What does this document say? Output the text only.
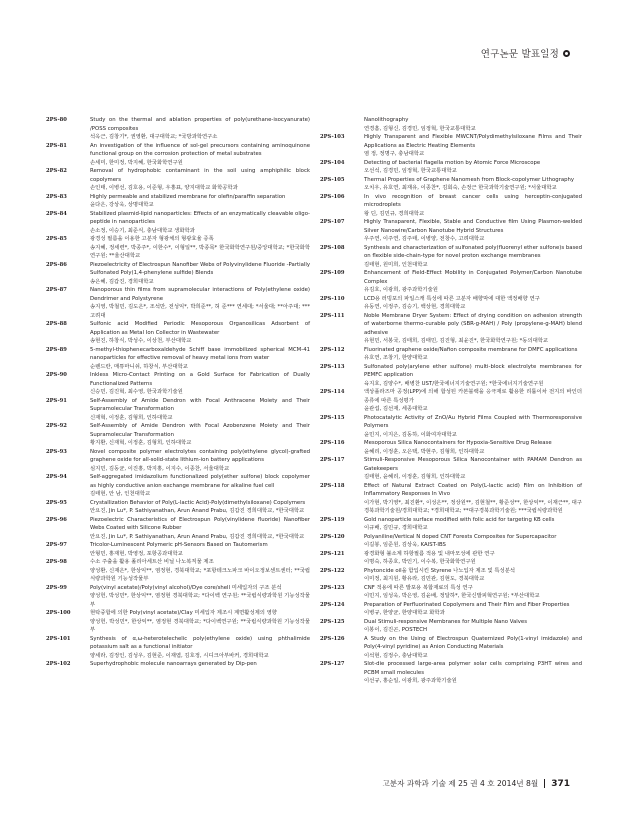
연구논문 발표일정
2PS-80	Study on the thermal and ablation properties of poly(urethane-isocyanurate) /POSS composites
석옥근, 김창기*, 권영환, 대구대학교; *국방과학연구소
2PS-81	An investigation of the influence of sol-gel precursors containing aminoquinone functional group on the corrosion protection of metal substrates
손세미, 한미정, 박지혜, 한국화학연구원
2PS-82	Removal of hydrophobic contaminant in the soil using amphiphilic block copolymers
손인태, 이병선, 김호용, 이준형, 우홍표, 양지대학교 화학공학과
2PS-83	Highly permeable and stabilized membrane for olefin/paraffin separation
윤다은, 강상욱, 상명대학교
2PS-84	Stabilized plasmid-lipid nanoparticles: Effects of an enzymatically cleavable oligo-peptide in nanoparticles
손소정, 이승기, 최준식, 충남대학교 생화학과
2PS-85	광경성 필름을 이용한 고분자 형광체의 형광효율 증폭
송지혜, 정세련*, 박종주*, 이한수*, 이형일**, 박종목* 한국화학연구원/중앙대학교; *한국화학연구원; **울산대학교
2PS-86	Piezoelectricity of Electrospun Nanofiber Webs of Polyvinylidene Fluoride -Partially Sulfonated Poly(1,4-phenylene sulfide) Blends
송은혜, 김갑진, 경희대학교
2PS-87	Nanoporous thin films from supramolecular interactions of Poly(ethylene oxide) Dendrimer and Polystyrene
송지영, 박철민, 김도은*, 조석만, 전성익*, 박희준**, 허 준*** 연세대; *서울대; **아주대; ***고려대
2PS-88	Sulfonic acid Modified Periodic Mesoporous Organosilicas Adsorbent of Application as Metal Ion Collector in Wastewater
송현진, 하창식, 박성수, 이상천, 부산대학교
2PS-89	5-methyl-thiophenecarboxaldehyde Schiff base immobilized spherical MCM-41 nanoparticles for effective removal of heavy metal ions from water
순렌드란, 매튜마니쉬, 하창식, 부산대학교
2PS-90	Inkless Micro-Contact Printing on a Gold Surface for Fabrication of Dually Functionalized Patterns
신승민, 김진혁, 최수영, 한국과학기술원
2PS-91	Self-Assembly of Amide Dendron with Focal Anthracene Moiety and Their Supramolecular Transformation
신재혁, 이정훈, 김형희, 인하대학교
2PS-92	Self-Assembly of Amide Dendron with Focal Azobenzene Moiety and Their Supramolecular Transformation
황지환, 신재혁, 이정훈, 김형희, 인하대학교
2PS-93	Novel composite polymer electrolytes containing poly(ethylene glycol)-grafted graphene oxide for all-solid-state lithium-ion battery applications
심지민, 김동균, 이진홍, 박지홍, 이지수, 이종찬, 서울대학교
2PS-94	Self-aggregated imidazolium functionalized poly(ether sulfone) block copolymer as highly conductive anion exchange membrane for alkaline fuel cell
김태현, 안 남, 인천대학교
2PS-95	Crystallization Behavior of Poly(L-lactic Acid)-Poly(dimethylsiloxane) Copolymers
안요진, Jin Lu*, P. Sathiyanathan, Arun Anand Prabu, 김갑진 경희대학교, *한국대학교
2PS-96	Piezoelectric Characteristics of Electrospun Poly(vinylidene fluoride) Nanofiber Webs Coated with Silicone Rubber
안요진, Jin Lu*, P. Sathiyanathan, Arun Anand Prabu, 김갑진 경희대학교, *한국대학교
2PS-97	Tricolor-Luminescent Polymeric pH-Sensors Based on Tautomerism
안형민, 홍재현, 박영정, 포항공과대학교
2PS-98	수소 주출을 활용 폴리아세트산 비닐 나노복직물 제조
양성환, 신재은*, 한상익**, 염정현, 경북대학교; *포항테크노파크 바이오정보센트센터; **국립식량과학원 기능성작물부
2PS-99	Poly(vinyl acetate)/Poly(vinyl alcohol)/Dye core/shell 미세입자의 구조 분석
양성헌, 박성민*, 한상익**, 염정현 경북대학교; *다이벡 연구원; **국립식량과학원 기능성작물부
2PS-100	현탁중합에 의한 Poly(vinyl acetate)/Clay 미세입자 제조시 계면활성제의 영향
양성헌, 박성민*, 한상익**, 염정현 경북대학교; *다이벡연구원; **국립식량과학원 기능성작물부
2PS-101	Synthesis of α,ω-heterotelechelic poly(ethylene oxide) using phthalimide potassium salt as a functional initiator
양세라, 김정인, 김성우, 김현준, 이재엽, 김호정, 시디크아부바커, 경희대학교
2PS-102	Superhydrophobic molecule nanoarrays generated by Dip-pen
Nanolithography
연경흠, 김형신, 김경민, 임정혁, 한국교통대학교
2PS-103	Highly Transparent and Flexible MWCNT/Polydimethylsiloxane Films and Their Applications as Electric Heating Elements
염 정, 정명구, 충남대학교
2PS-104	Detecting of bacterial flagella motion by Atomic Force Microscope
오선석, 김경민, 임정혁, 한국교통대학교
2PS-105	Thermal Properties of Graphene Nanomesh from Block-copolymer Lithography
오치우, 유호연, 최재유, 이종찬*, 김회숙, 손정근 한국과학기술연구원; *서울대학교
2PS-106	In vivo recognition of breast cancer cells using herceptin-conjugated microdroplets
왕 딘, 김민규, 경희대학교
2PS-107	Highly Transparent, Flexible, Stable and Conductive film Using Plasmon-welded Silver Nanowire/Carbon Nanotube Hybrid Structures
우주연, 이주연, 김주태, 이병양, 전창수, 고려대학교
2PS-108	Synthesis and characterization of sulfonated poly(fluorenyl ether sulfone)s based on flexible side-chain-type for novel proton exchange membranes
김태현, 원미희, 인천대학교
2PS-109	Enhancement of Field-Effect Mobility in Conjugated Polymer/Carbon Nanotube Complex
유김호, 이광희, 광주과학기술원
2PS-110	LCD용 러빙포의 파일스캐 특성에 따른 고분자 배향막에 대한 액정배향 연구
유동연, 이정주, 김승기, 백상현, 경희대학교
2PS-111	Noble Membrane Dryer System: Effect of drying condition on adhesion strength of waterborne thermo-curable poly (SBR-g-MAH) / Poly (propylene-g-MAH) blend adhesive
유현민, 서봉국, 김태희, 김태민, 김진형, 최윤진*, 한국화학연구원; *동의대학교
2PS-112	Fluorinated graphene oxide/Nafion composite membrane for DMFC applications
유호연, 조창기, 한양대학교
2PS-113	Sulfonated poly(arylene ether sulfone) multi-block electrolyte membranes for PEMFC application
육지호, 김양수*, 배병찬 UST/한국에너지기술연구원; *한국에너지기술연구원
2PS-114	액상플라즈마 공정(LPP)에 의해 합성된 카본블랙을 응극재로 활용한 리튬이차 전지의 바인더 종류에 따른 특성평가
윤관섭, 김선재, 세종대학교
2PS-115	Photocatalytic Activity of ZnO/Au Hybrid Films Coupled with Thermoresponsive Polymers
윤민지, 이지은, 김동하, 이화여자대학교
2PS-116	Mesoporous Silica Nanocontainers for Hypoxia-Sensitive Drug Release
윤혜리, 이정훈, 오은택, 박현주, 김형희, 인하대학교
2PS-117	Stimuli-Responsive Mesoporous Silica Nanocontainer with PAMAM Dendron as Gatekeepers
김태현, 윤혜리, 이정훈, 김형희, 인하대학교
2PS-118	Effect of Natural Extract Coated on Poly(L-lactic acid) Film on Inhibition of Inflammatory Responses In Vivo
이가현, 박기영*, 최진환*, 이성은**, 정상원**, 김현철**, 황준성**, 한상익**, 이재근**, 대구경북과학기술원/경희대학교; *경희대학교; **대구경북과학기술원; ***국립식량과학원
2PS-119	Gold nanoparticle surface modified with folic acid for targeting KB cells
이규배, 김민규, 경희대학교
2PS-120	Polyaniline/Vertical N doped CNT Forests Composites for Supercapacitor
이길봉, 임준원, 김상욱, KAIST-IBS
2PS-121	광경화형 불소계 하항필름 적용 및 내마모성에 관한 연구
이명숙, 하종호, 박인기, 이수복, 한국화학연구원
2PS-122	Phytoncide oil을 함입시킨 Styrene 나노입자 제조 및 특성분석
이미정, 최지원, 황유라, 김민관, 김현도, 경북대학교
2PS-123	CNF 적용에 따른 발포용 복합재료의 특성 연구
이민지, 임성욱, 박은영, 김윤배, 정달하*, 한국신발피혁연구원; *부산대학교
2PS-124	Preparation of Perfluorinated Copolymers and Their Film and Fiber Properties
이병규, 한양균, 한양대학교 화학과
2PS-125	Dual Stimuli-responsive Membranes for Multiple Nano Valves
이봉이, 김진곤, POSTECH
2PS-126	A Study on the Using of Electrospun Quaternized Poly(1-vinyl imidazole) and Poly(4-vinyl pyridine) as Anion Conducting Materials
이석현, 김정수, 충남대학교
2PS-127	Slot-die processed large-area polymer solar cells comprising P3HT wires and PCBM small molecules
이선규, 홍순일, 이광희, 광주과학기술원
고분자 과학과 기술 제 25 권 4 호 2014년 8월 371
